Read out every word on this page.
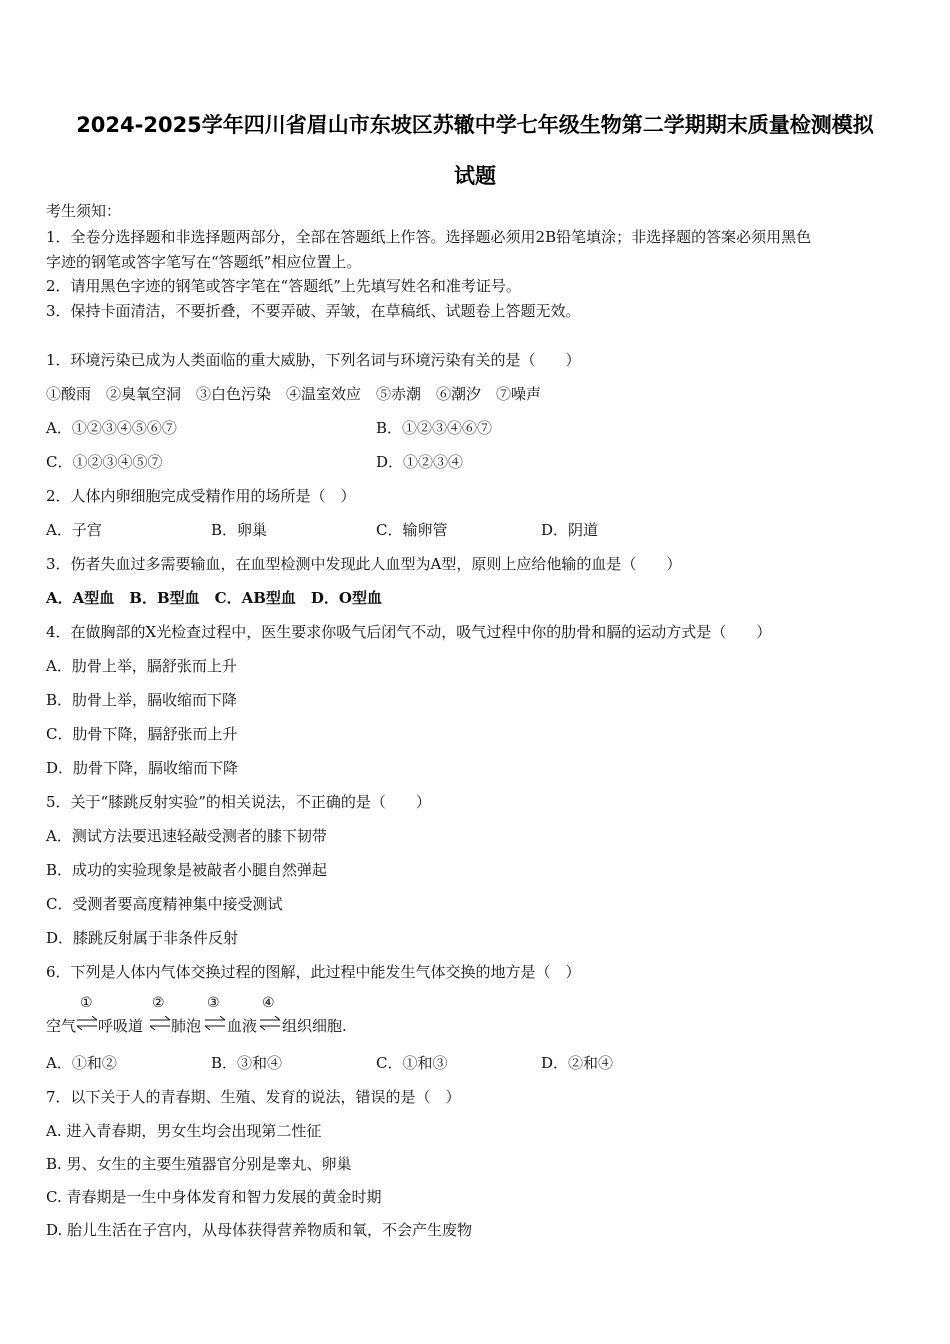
2024-2025学年四川省眉山市东坡区苏辙中学七年级生物第二学期期末质量检测模拟
试题
考生须知：
1．全卷分选择题和非选择题两部分，全部在答题纸上作答。选择题必须用2B铅笔填涂；非选择题的答案必须用黑色
字迹的钢笔或答字笔写在“答题纸”相应位置上。
2．请用黑色字迹的钢笔或答字笔在“答题纸”上先填写姓名和准考证号。
3．保持卡面清洁，不要折叠，不要弄破、弄皱，在草稿纸、试题卷上答题无效。
1．环境污染已成为人类面临的重大威胁，下列名词与环境污染有关的是（　　）
①酸雨　②臭氧空洞　③白色污染　④温室效应　⑤赤潮　⑥潮汐　⑦噪声
A．①②③④⑤⑥⑦	B．①②③④⑥⑦
C．①②③④⑤⑦	D．①②③④
2．人体内卵细胞完成受精作用的场所是（　）
A．子宫	B．卵巢	C．输卵管	D．阴道
3．伤者失血过多需要输血，在血型检测中发现此人血型为A型，原则上应给他输的血是（　　）
A．A型血　B．B型血　C．AB型血　D．O型血
4．在做胸部的X光检查过程中，医生要求你吸气后闭气不动，吸气过程中你的肋骨和膈的运动方式是（　　）
A．肋骨上举，膈舒张而上升
B．肋骨上举，膈收缩而下降
C．肋骨下降，膈舒张而上升
D．肋骨下降，膈收缩而下降
5．关于“膝跳反射实验”的相关说法，不正确的是（　　）
A．测试方法要迅速轻敲受测者的膝下韧带
B．成功的实验现象是被敲者小腿自然弹起
C．受测者要高度精神集中接受测试
D．膝跳反射属于非条件反射
6．下列是人体内气体交换过程的图解，此过程中能发生气体交换的地方是（　）
空气
①
呼吸道
②
肺泡
③
血液
④
组织细胞.
A．①和②	B．③和④	C．①和③	D．②和④
7．以下关于人的青春期、生殖、发育的说法，错误的是（　）
A. 进入青春期，男女生均会出现第二性征
B. 男、女生的主要生殖器官分别是睾丸、卵巢
C. 青春期是一生中身体发育和智力发展的黄金时期
D. 胎儿生活在子宫内，从母体获得营养物质和氧，不会产生废物
